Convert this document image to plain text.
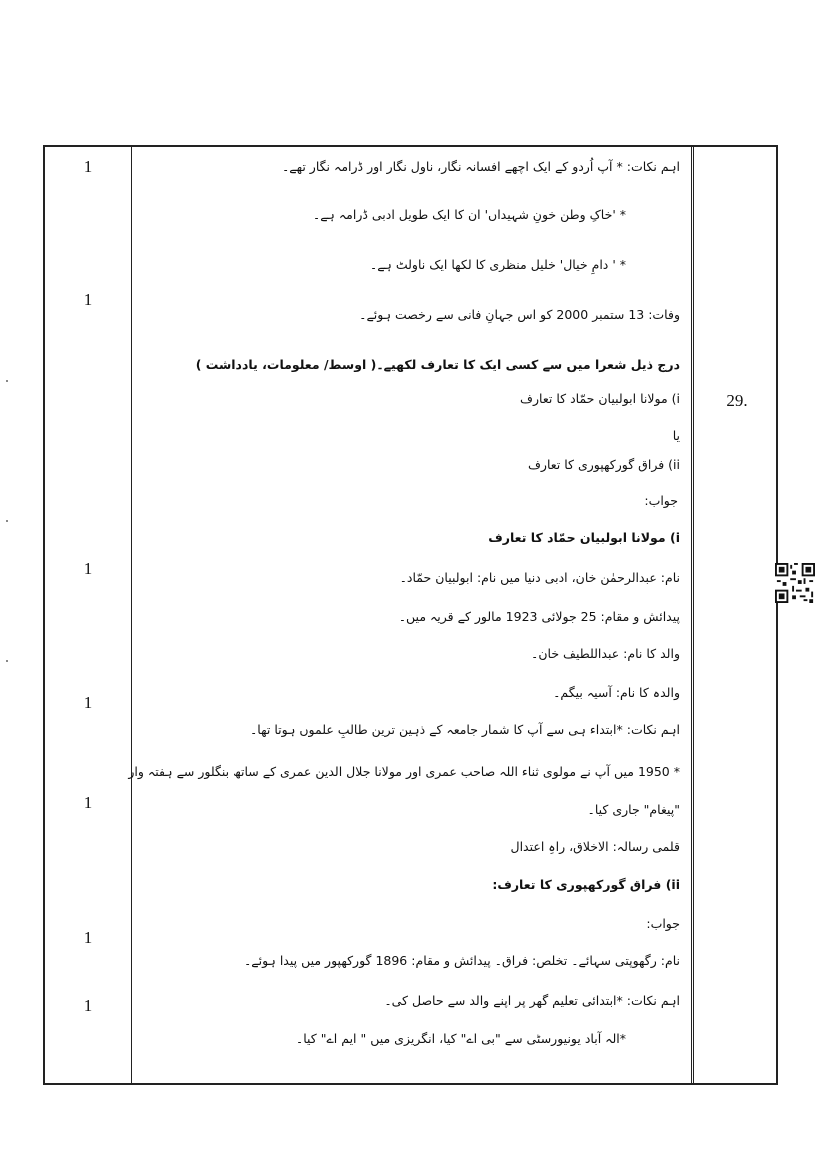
1
1
1
1
1
1
1
29.
اہم نکات: * آپ اُردو کے ایک اچھے افسانہ نگار، ناول نگار اور ڈرامہ نگار تھے۔
* 'خاکِ وطن خونِ شہیداں' ان کا ایک طویل ادبی ڈرامہ ہے۔
* ' دامِ خیال' خلیل منظری کا لکھا ایک ناولٹ ہے۔
وفات: 13 ستمبر 2000 کو اس جہانِ فانی سے رخصت ہوئے۔
درج ذیل شعرا میں سے کسی ایک کا تعارف لکھیے۔( اوسط/ معلومات، یادداشت )
i) مولانا ابولبیان حمّاد کا تعارف
یا
ii) فراق گورکھپوری کا تعارف
جواب:
i) مولانا ابولبیان حمّاد کا تعارف
نام: عبدالرحمٰن خان، ادبی دنیا میں نام: ابولبیان حمّاد۔
پیدائش و مقام: 25 جولائی 1923 مالور کے قریہ میں۔
والد کا نام: عبداللطیف خان۔
والدہ کا نام: آسیہ بیگم۔
اہم نکات: *ابتداء ہی سے آپ کا شمار جامعہ کے ذہین ترین طالبِ علموں ہوتا تھا۔
* 1950 میں آپ نے مولوی ثناء اللہ صاحب عمری اور مولانا جلال الدین عمری کے ساتھ بنگلور سے ہفتہ وار
"پیغام" جاری کیا۔
قلمی رسالہ: الاخلاق، راہِ اعتدال
ii) فراق گورکھپوری کا تعارف:
جواب:
نام: رگھوپتی سہائے۔ تخلص: فراق۔ پیدائش و مقام: 1896 گورکھپور میں پیدا ہوئے۔
اہم نکات: *ابتدائی تعلیم گھر پر اپنے والد سے حاصل کی۔
*الہ آباد یونیورسٹی سے "بی اے" کیا، انگریزی میں " ایم اے" کیا۔
